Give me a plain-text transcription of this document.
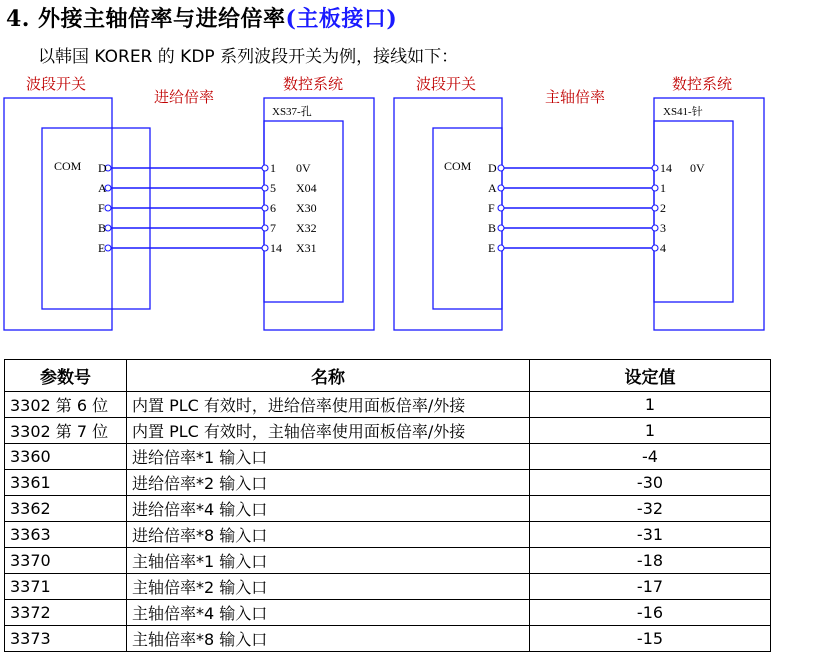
4. 外接主轴倍率与进给倍率(主板接口)
以韩国 KORER 的 KDP 系列波段开关为例，接线如下：
波段开关
进给倍率
数控系统
XS37-孔
COM D	1 0V
A	5 X04
F	6 X30
B	7 X32
E	14 X31
波段开关
主轴倍率
数控系统
XS41-针
COM D	14 0V
A	1
F	2
B	3
E	4
参数号	名称	设定值
3302 第 6 位	内置 PLC 有效时，进给倍率使用面板倍率/外接	1
3302 第 7 位	内置 PLC 有效时，主轴倍率使用面板倍率/外接	1
3360	进给倍率*1 输入口	-4
3361	进给倍率*2 输入口	-30
3362	进给倍率*4 输入口	-32
3363	进给倍率*8 输入口	-31
3370	主轴倍率*1 输入口	-18
3371	主轴倍率*2 输入口	-17
3372	主轴倍率*4 输入口	-16
3373	主轴倍率*8 输入口	-15
